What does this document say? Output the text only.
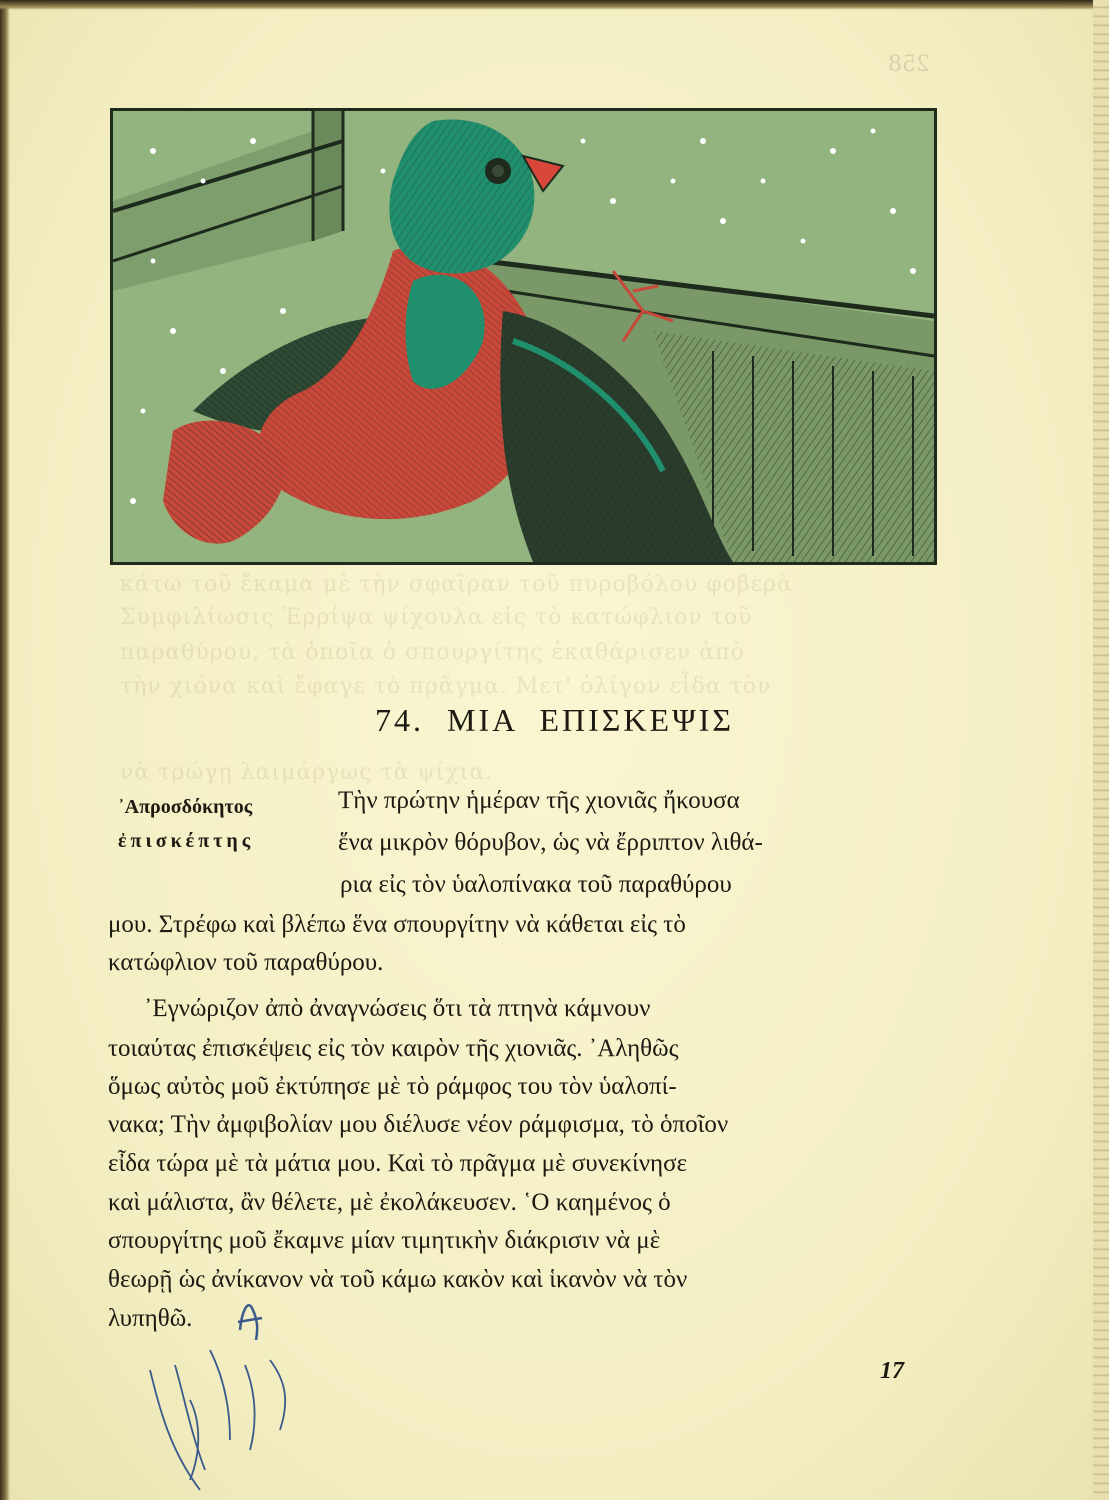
258
κάτω τοῦ ἔκαμα μὲ τὴν σφαῖραν τοῦ πυροβόλου φοβερὰ
Συμφιλίωσις Ἐρρίψα ψίχουλα εἰς τὸ κατώφλιον τοῦ
παραθύρου, τὰ ὁποῖα ὁ σπουργίτης ἐκαθάρισεν ἀπὸ
τὴν χιόνα καὶ ἔφαγε τὸ πρᾶγμα. Μετ' ὀλίγον εἶδα τὸν
νὰ τρώγῃ λαιμάργως τὰ ψίχια.
74. ΜΙΑ ΕΠΙΣΚΕΨΙΣ
᾿Απροσδόκητος
ἐπισκέπτης
Τὴν πρώτην ἡμέραν τῆς χιονιᾶς ἤκουσα
ἕνα μικρὸν θόρυβον, ὡς νὰ ἔρριπτον λιθά-
ρια εἰς τὸν ὑαλοπίνακα τοῦ παραθύρου
μου. Στρέφω καὶ βλέπω ἕνα σπουργίτην νὰ κάθεται εἰς τὸ
κατώφλιον τοῦ παραθύρου.
᾿Εγνώριζον ἀπὸ ἀναγνώσεις ὅτι τὰ πτηνὰ κάμνουν
τοιαύτας ἐπισκέψεις εἰς τὸν καιρὸν τῆς χιονιᾶς. ᾿Αληθῶς
ὅμως αὐτὸς μοῦ ἐκτύπησε μὲ τὸ ράμφος του τὸν ὑαλοπί-
νακα; Τὴν ἀμφιβολίαν μου διέλυσε νέον ράμφισμα, τὸ ὁποῖον
εἶδα τώρα μὲ τὰ μάτια μου. Καὶ τὸ πρᾶγμα μὲ συνεκίνησε
καὶ μάλιστα, ἂν θέλετε, μὲ ἐκολάκευσεν. ῾Ο καημένος ὁ
σπουργίτης μοῦ ἔκαμνε μίαν τιμητικὴν διάκρισιν νὰ μὲ
θεωρῇ ὡς ἀνίκανον νὰ τοῦ κάμω κακὸν καὶ ἱκανὸν νὰ τὸν
λυπηθῶ.	A
17
